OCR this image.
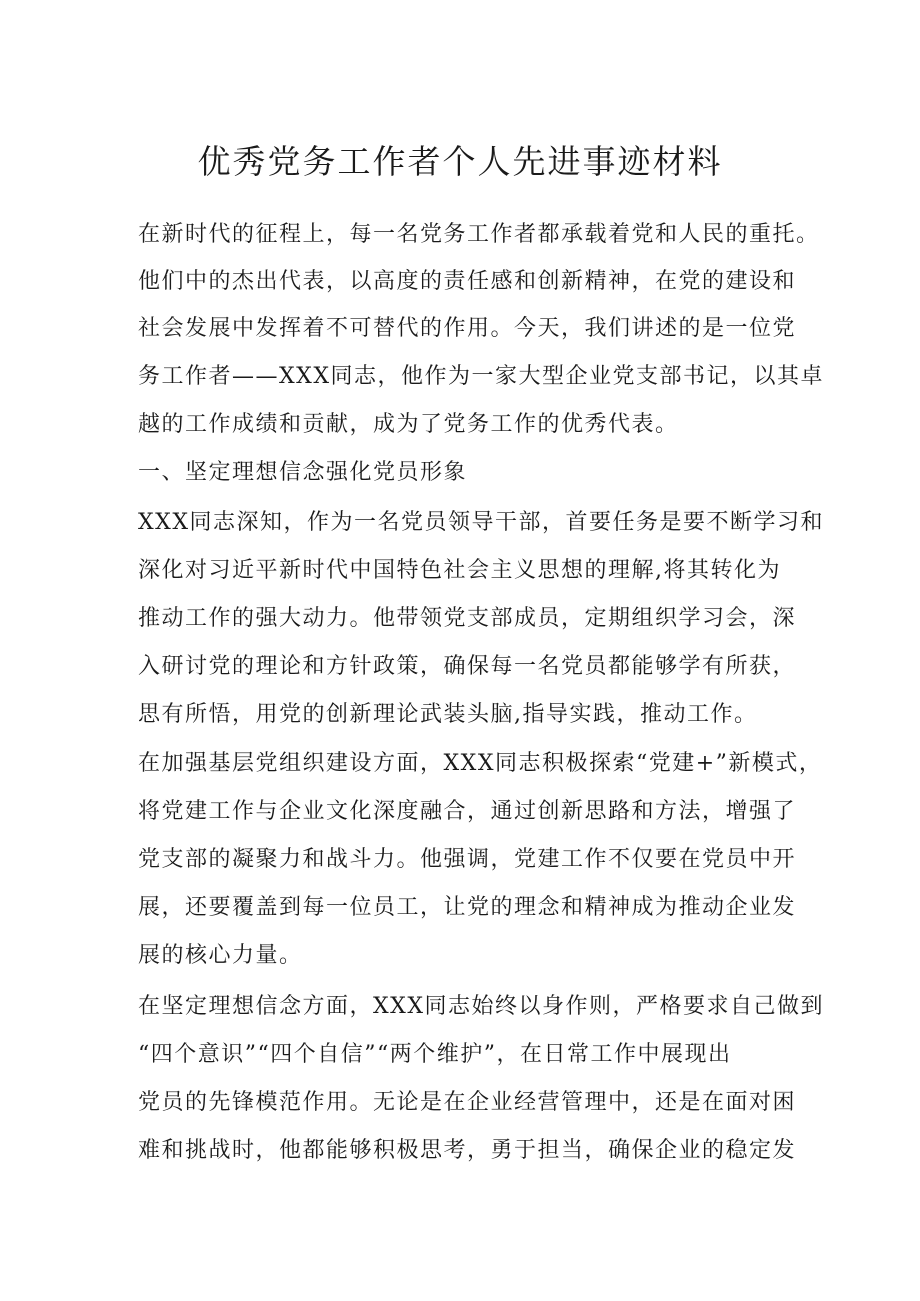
优秀党务工作者个人先进事迹材料
在新时代的征程上，每一名党务工作者都承载着党和人民的重托。
他们中的杰出代表，以高度的责任感和创新精神，在党的建设和
社会发展中发挥着不可替代的作用。今天，我们讲述的是一位党
务工作者——XXX同志，他作为一家大型企业党支部书记，以其卓
越的工作成绩和贡献，成为了党务工作的优秀代表。
一、坚定理想信念强化党员形象
XXX同志深知，作为一名党员领导干部，首要任务是要不断学习和
深化对习近平新时代中国特色社会主义思想的理解,将其转化为
推动工作的强大动力。他带领党支部成员，定期组织学习会，深
入研讨党的理论和方针政策，确保每一名党员都能够学有所获，
思有所悟，用党的创新理论武装头脑,指导实践，推动工作。
在加强基层党组织建设方面，XXX同志积极探索“党建+”新模式，
将党建工作与企业文化深度融合，通过创新思路和方法，增强了
党支部的凝聚力和战斗力。他强调，党建工作不仅要在党员中开
展，还要覆盖到每一位员工，让党的理念和精神成为推动企业发
展的核心力量。
在坚定理想信念方面，XXX同志始终以身作则，严格要求自己做到
“四个意识”“四个自信”“两个维护”，在日常工作中展现出
党员的先锋模范作用。无论是在企业经营管理中，还是在面对困
难和挑战时，他都能够积极思考，勇于担当，确保企业的稳定发
